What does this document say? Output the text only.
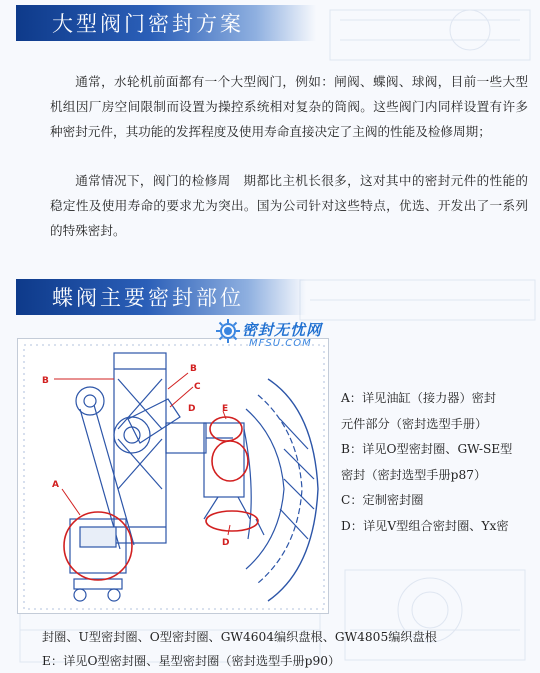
大型阀门密封方案

通常，水轮机前面都有一个大型阀门，例如：闸阀、蝶阀、球阀，目前一些大型机组因厂房空间限制而设置为操控系统相对复杂的筒阀。这些阀门内同样设置有许多种密封元件，其功能的发挥程度及使用寿命直接决定了主阀的性能及检修周期；

通常情况下，阀门的检修周　期都比主机长很多，这对其中的密封元件的性能的稳定性及使用寿命的要求尤为突出。国为公司针对这些特点，优选、开发出了一系列的特殊密封。

蝶阀主要密封部位
B
B
C
A
E
D
D
密封无忧网
MFSU.COM
A：详见油缸（接力器）密封
元件部分（密封选型手册）
B：详见O型密封圈、GW-SE型
密封（密封选型手册p87）
C：定制密封圈
D：详见V型组合密封圈、Yx密
封圈、U型密封圈、O型密封圈、GW4604编织盘根、GW4805编织盘根
E：详见O型密封圈、星型密封圈（密封选型手册p90）
